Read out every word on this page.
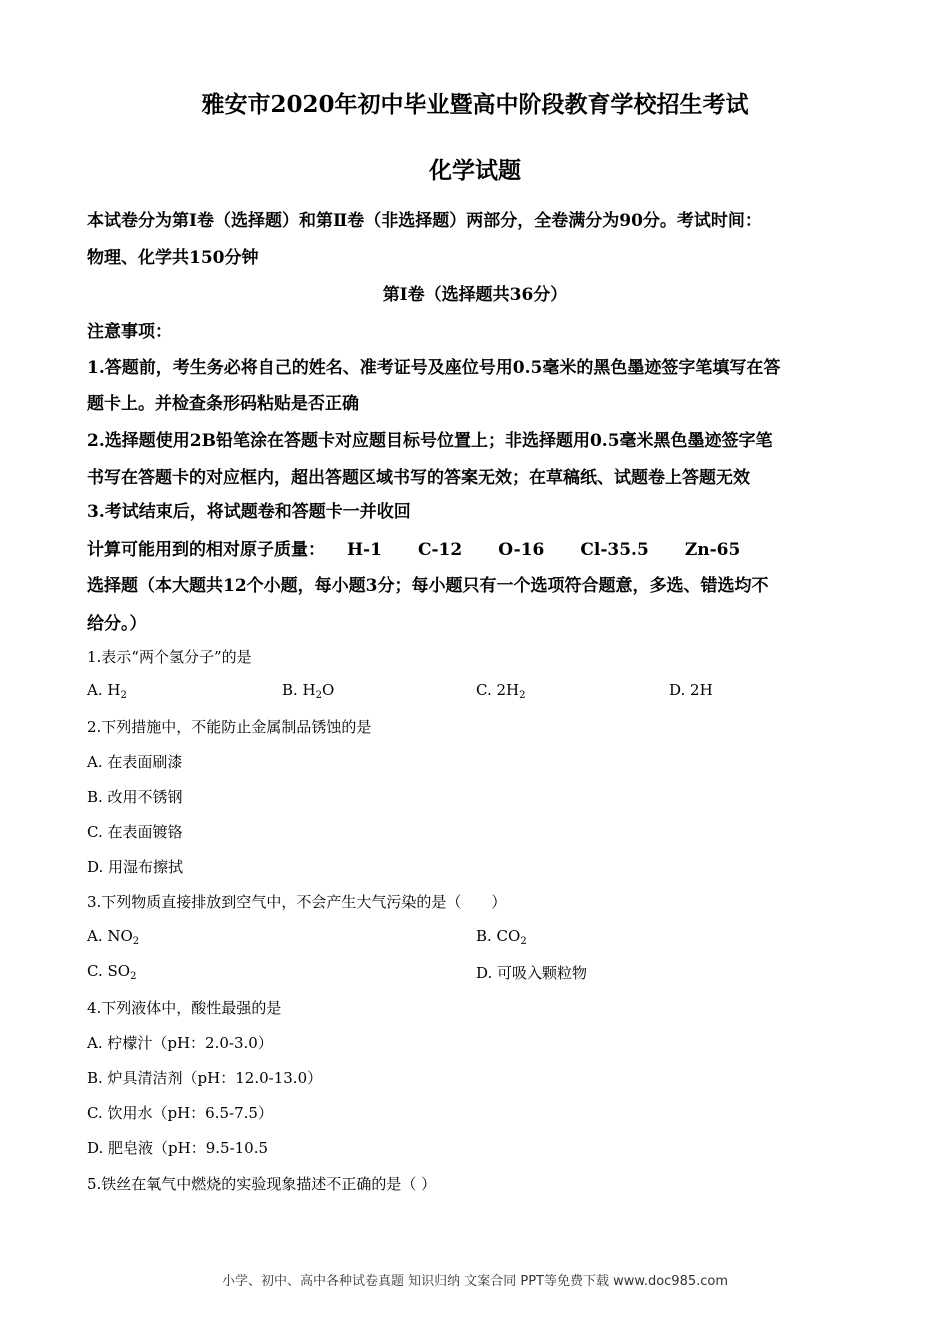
雅安市2020年初中毕业暨高中阶段教育学校招生考试
化学试题
本试卷分为第Ⅰ卷（选择题）和第Ⅱ卷（非选择题）两部分，全卷满分为90分。考试时间：
物理、化学共150分钟
第Ⅰ卷（选择题共36分）
注意事项：
1.答题前，考生务必将自己的姓名、准考证号及座位号用0.5毫米的黑色墨迹签字笔填写在答
题卡上。并检查条形码粘贴是否正确
2.选择题使用2B铅笔涂在答题卡对应题目标号位置上；非选择题用0.5毫米黑色墨迹签字笔
书写在答题卡的对应框内，超出答题区域书写的答案无效；在草稿纸、试题卷上答题无效
3.考试结束后，将试题卷和答题卡一并收回
计算可能用到的相对原子质量： H-1 C-12 O-16 Cl-35.5 Zn-65
选择题（本大题共12个小题，每小题3分；每小题只有一个选项符合题意，多选、错选均不
给分。）
1.表示“两个氢分子”的是
A. $H_2$	B. $H_2O$	C. $2H_2$	D. 2H
2.下列措施中，不能防止金属制品锈蚀的是
A. 在表面刷漆
B. 改用不锈钢
C. 在表面镀铬
D. 用湿布擦拭
3.下列物质直接排放到空气中，不会产生大气污染的是（　　）
A. $NO_2$	B. $CO_2$
C. $SO_2$	D. 可吸入颗粒物
4.下列液体中，酸性最强的是
A. 柠檬汁（pH：2.0-3.0）
B. 炉具清洁剂（pH：12.0-13.0）
C. 饮用水（pH：6.5-7.5）
D. 肥皂液（pH：9.5-10.5
5.铁丝在氧气中燃烧的实验现象描述不正确的是（ ）
小学、初中、高中各种试卷真题 知识归纳 文案合同 PPT等免费下载 www.doc985.com
